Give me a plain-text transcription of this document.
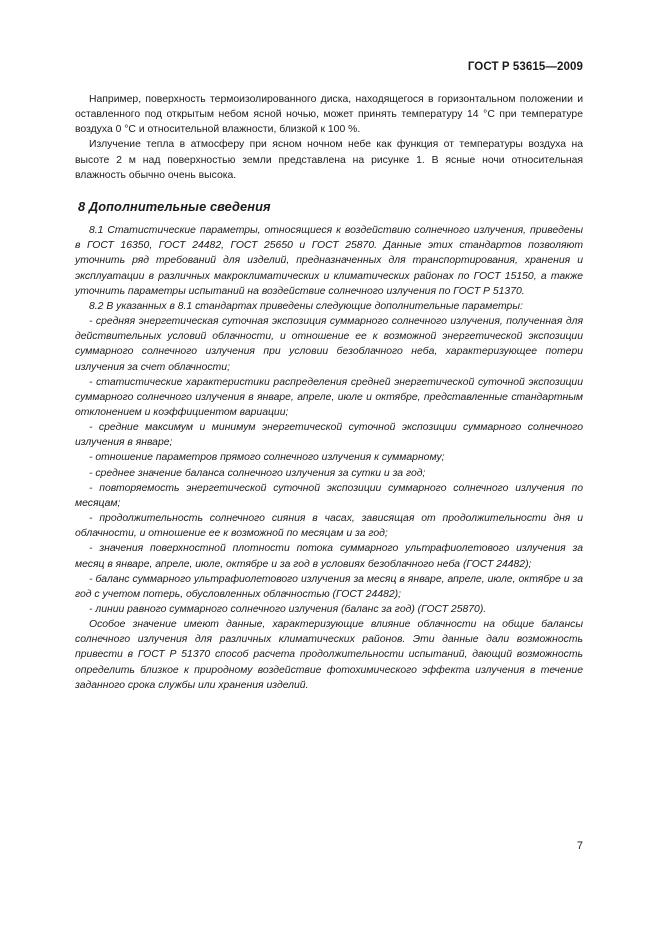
ГОСТ Р 53615—2009

Например, поверхность термоизолированного диска, находящегося в горизонтальном положении и оставленного под открытым небом ясной ночью, может принять температуру 14 °С при температуре воздуха 0 °С и относительной влажности, близкой к 100 %.

Излучение тепла в атмосферу при ясном ночном небе как функция от температуры воздуха на высоте 2 м над поверхностью земли представлена на рисунке 1. В ясные ночи относительная влажность обычно очень высока.

8 Дополнительные сведения

8.1 Статистические параметры, относящиеся к воздействию солнечного излучения, приведены в ГОСТ 16350, ГОСТ 24482, ГОСТ 25650 и ГОСТ 25870. Данные этих стандартов позволяют уточнить ряд требований для изделий, предназначенных для транспортирования, хранения и эксплуатации в различных макроклиматических и климатических районах по ГОСТ 15150, а также уточнить параметры испытаний на воздействие солнечного излучения по ГОСТ Р 51370.

8.2 В указанных в 8.1 стандартах приведены следующие дополнительные параметры:

- средняя энергетическая суточная экспозиция суммарного солнечного излучения, полученная для действительных условий облачности, и отношение ее к возможной энергетической экспозиции суммарного солнечного излучения при условии безоблачного неба, характеризующее потери излучения за счет облачности;

- статистические характеристики распределения средней энергетической суточной экспозиции суммарного солнечного излучения в январе, апреле, июле и октябре, представленные стандартным отклонением и коэффициентом вариации;

- средние максимум и минимум энергетической суточной экспозиции суммарного солнечного излучения в январе;

- отношение параметров прямого солнечного излучения к суммарному;

- среднее значение баланса солнечного излучения за сутки и за год;

- повторяемость энергетической суточной экспозиции суммарного солнечного излучения по месяцам;

- продолжительность солнечного сияния в часах, зависящая от продолжительности дня и облачности, и отношение ее к возможной по месяцам и за год;

- значения поверхностной плотности потока суммарного ультрафиолетового излучения за месяц в январе, апреле, июле, октябре и за год в условиях безоблачного неба (ГОСТ 24482);

- баланс суммарного ультрафиолетового излучения за месяц в январе, апреле, июле, октябре и за год с учетом потерь, обусловленных облачностью (ГОСТ 24482);

- линии равного суммарного солнечного излучения (баланс за год) (ГОСТ 25870).

Особое значение имеют данные, характеризующие влияние облачности на общие балансы солнечного излучения для различных климатических районов. Эти данные дали возможность привести в ГОСТ Р 51370 способ расчета продолжительности испытаний, дающий возможность определить близкое к природному воздействие фотохимического эффекта излучения в течение заданного срока службы или хранения изделий.

7
